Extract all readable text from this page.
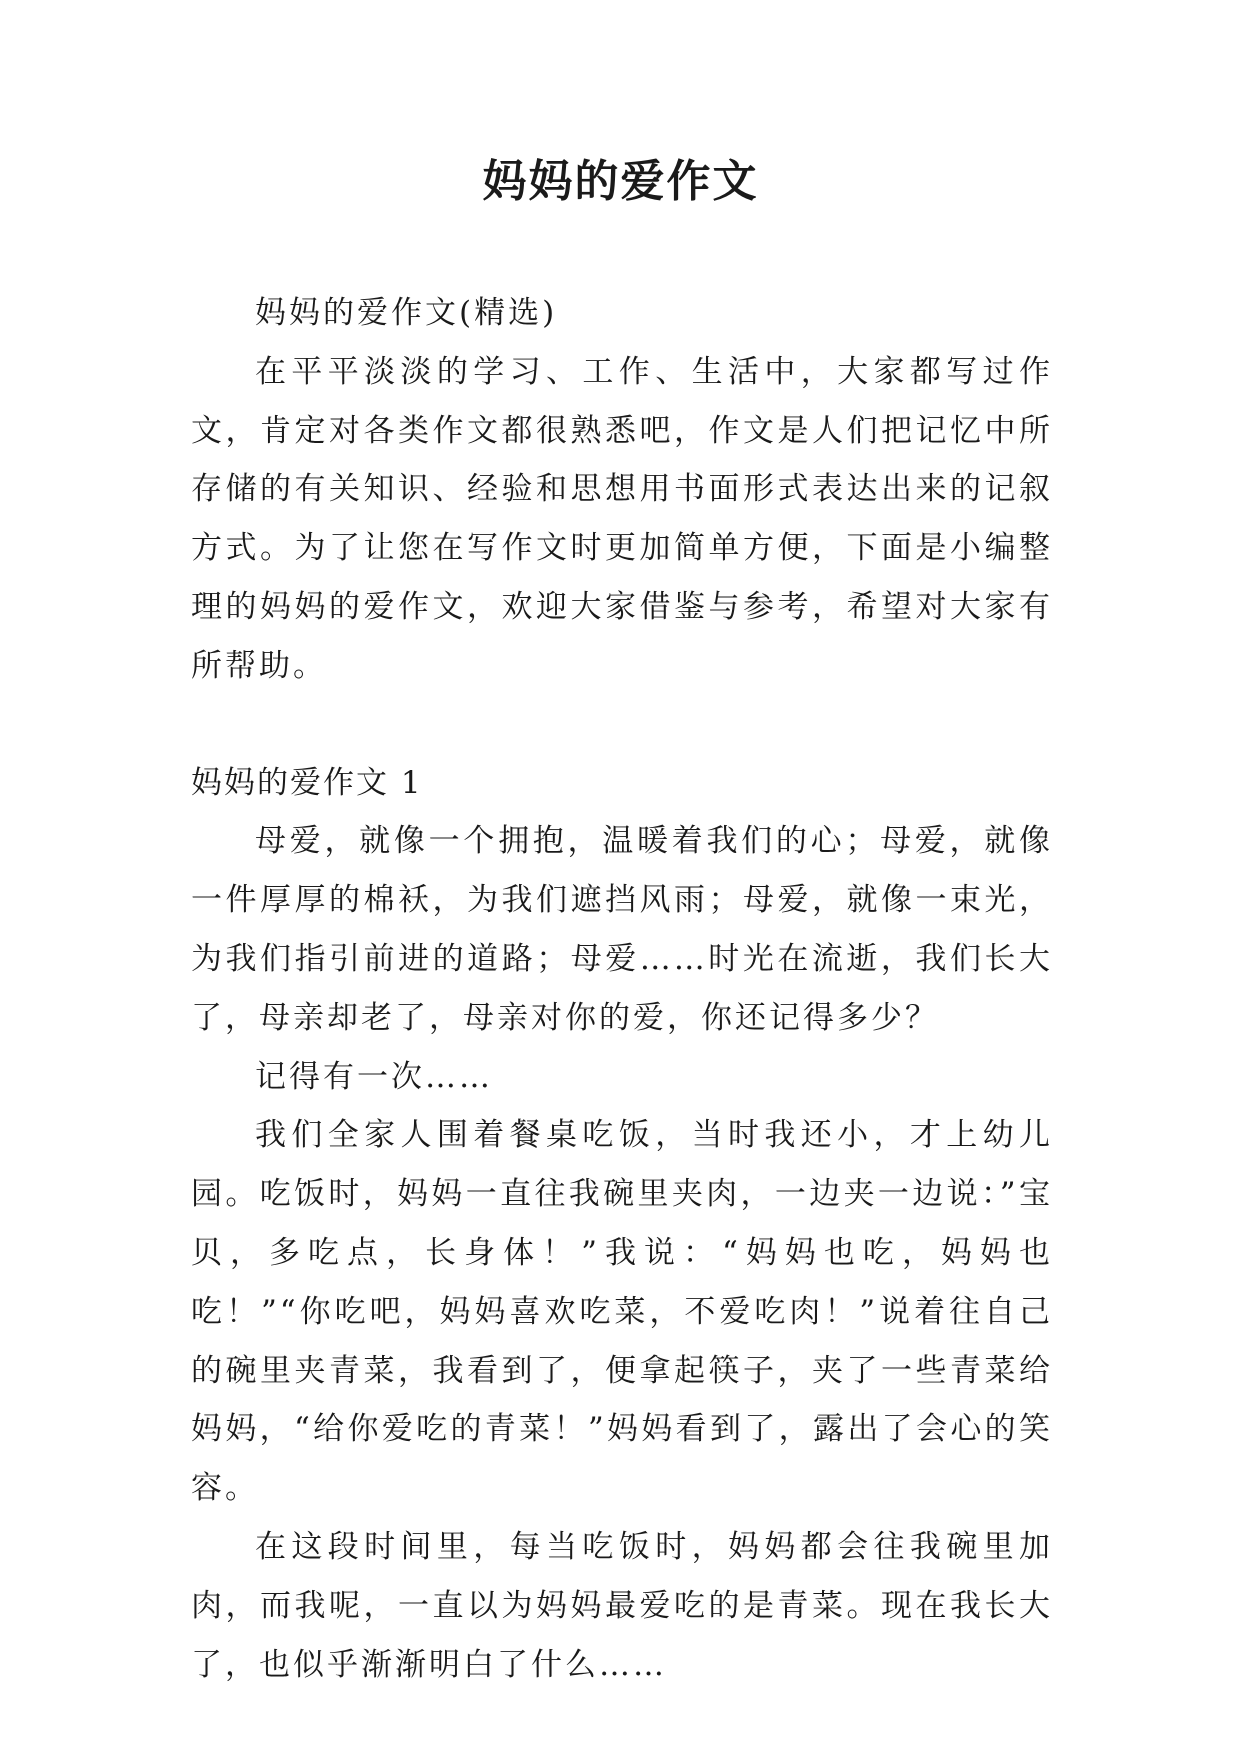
妈妈的爱作文

妈妈的爱作文(精选)

在平平淡淡的学习、工作、生活中，大家都写过作文，肯定对各类作文都很熟悉吧，作文是人们把记忆中所存储的有关知识、经验和思想用书面形式表达出来的记叙方式。为了让您在写作文时更加简单方便，下面是小编整理的妈妈的爱作文，欢迎大家借鉴与参考，希望对大家有所帮助。

妈妈的爱作文 1

母爱，就像一个拥抱，温暖着我们的心；母爱，就像一件厚厚的棉袄，为我们遮挡风雨；母爱，就像一束光，为我们指引前进的道路；母爱……时光在流逝，我们长大了，母亲却老了，母亲对你的爱，你还记得多少？

记得有一次……

我们全家人围着餐桌吃饭，当时我还小，才上幼儿园。吃饭时，妈妈一直往我碗里夹肉，一边夹一边说：”宝贝，多吃点，长身体！”我说：“妈妈也吃，妈妈也吃！”“你吃吧，妈妈喜欢吃菜，不爱吃肉！”说着往自己的碗里夹青菜，我看到了，便拿起筷子，夹了一些青菜给妈妈，“给你爱吃的青菜！”妈妈看到了，露出了会心的笑容。

在这段时间里，每当吃饭时，妈妈都会往我碗里加肉，而我呢，一直以为妈妈最爱吃的是青菜。现在我长大了，也似乎渐渐明白了什么……
